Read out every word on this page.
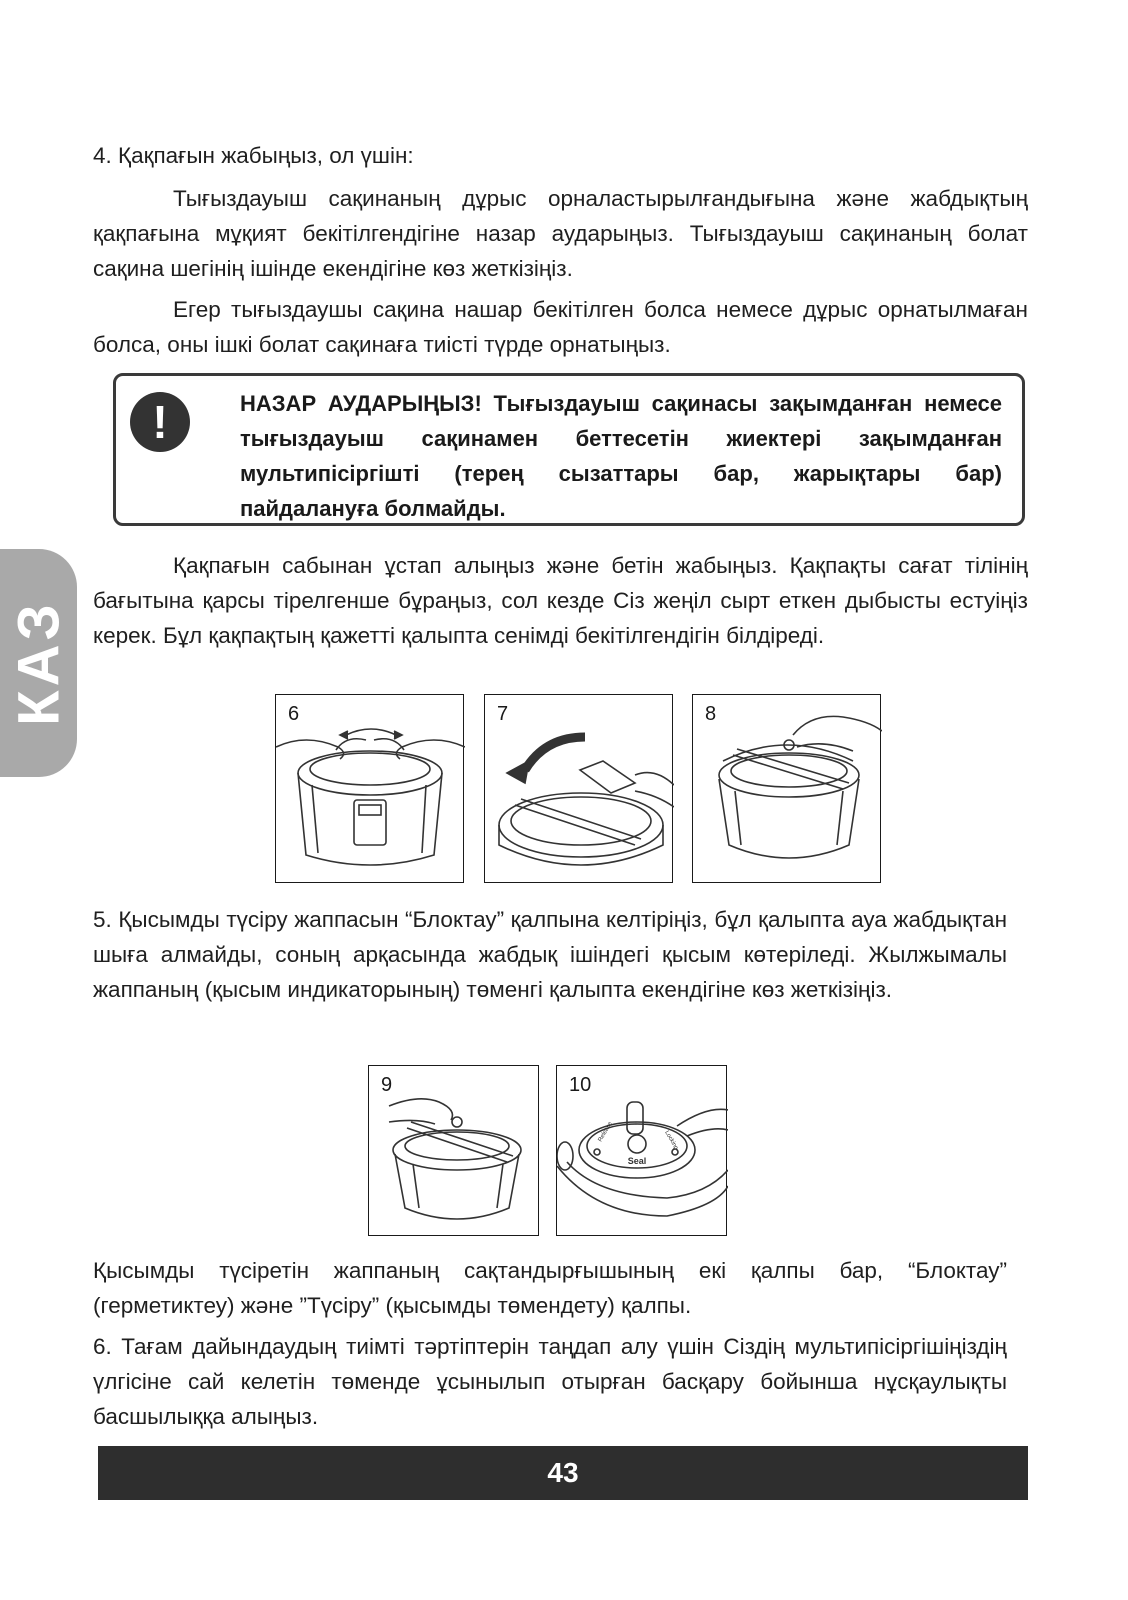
КАЗ
4. Қақпағын жабыңыз, ол үшін:
Тығыздауыш сақинаның дұрыс орналастырылғандығына және жабдықтың қақпағына мұқият бекітілгендігіне назар аударыңыз. Тығыздауыш сақинаның болат сақина шегінің ішінде екендігіне көз жеткізіңіз.
Егер тығыздаушы сақина нашар бекітілген болса немесе дұрыс орнатылмаған болса, оны ішкі болат сақинаға тиісті түрде орнатыңыз.
!	НАЗАР АУДАРЫҢЫЗ! Тығыздауыш сақинасы зақымданған немесе тығыздауыш сақинамен беттесетін жиектері зақымданған мультипісіргішті (терең сызаттары бар, жарықтары бар) пайдалануға болмайды.
Қақпағын сабынан ұстап алыңыз және бетін жабыңыз. Қақпақты сағат тілінің бағытына қарсы тірелгенше бұраңыз, сол кезде Сіз жеңіл сырт еткен дыбысты естуіңіз керек. Бұл қақпақтың қажетті қалыпта сенімді бекітілгендігін білдіреді.
6	7	8
5. Қысымды түсіру жаппасын “Блоктау” қалпына келтіріңіз, бұл қалыпта ауа жабдықтан шыға алмайды, соның арқасында жабдық ішіндегі қысым көтеріледі. Жылжымалы жаппаның (қысым индикаторының) төменгі қалыпта екендігіне көз жеткізіңіз.
9
Seal
Release	Locking
10
Қысымды түсіретін жаппаның сақтандырғышының екі қалпы бар, “Блоктау” (герметиктеу) және ”Түсіру” (қысымды төмендету) қалпы.
6. Тағам дайындаудың тиімті тәртіптерін таңдап алу үшін Сіздің мультипісіргішіңіздің үлгісіне сай келетін төменде ұсынылып отырған басқару бойынша нұсқаулықты басшылыққа алыңыз.
43
